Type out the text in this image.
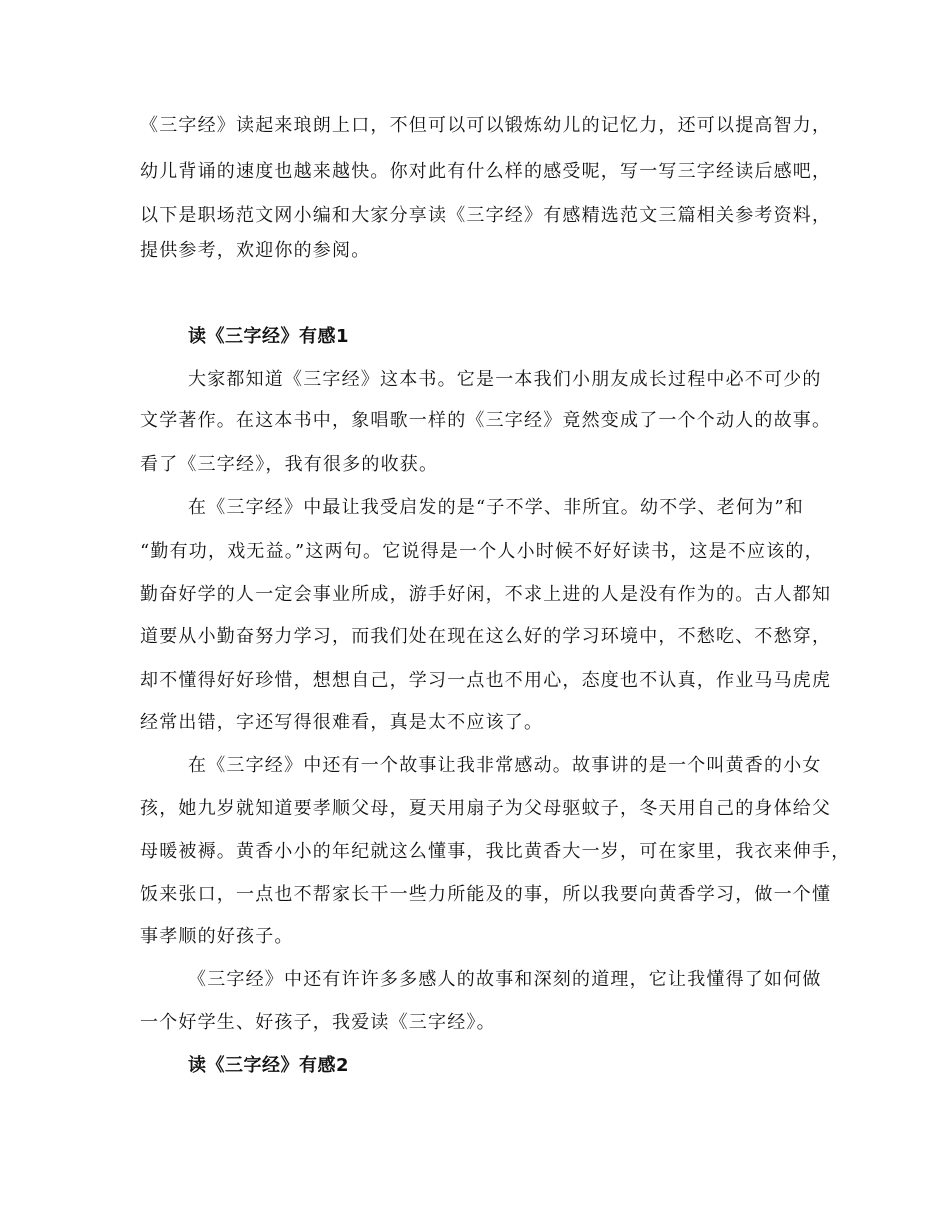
《三字经》读起来琅朗上口，不但可以可以锻炼幼儿的记忆力，还可以提高智力，
幼儿背诵的速度也越来越快。你对此有什么样的感受呢，写一写三字经读后感吧，
以下是职场范文网小编和大家分享读《三字经》有感精选范文三篇相关参考资料，
提供参考，欢迎你的参阅。
读《三字经》有感1
大家都知道《三字经》这本书。它是一本我们小朋友成长过程中必不可少的
文学著作。在这本书中，象唱歌一样的《三字经》竟然变成了一个个动人的故事。
看了《三字经》，我有很多的收获。
在《三字经》中最让我受启发的是“子不学、非所宜。幼不学、老何为”和
“勤有功，戏无益。”这两句。它说得是一个人小时候不好好读书，这是不应该的，
勤奋好学的人一定会事业所成，游手好闲，不求上进的人是没有作为的。古人都知
道要从小勤奋努力学习，而我们处在现在这么好的学习环境中，不愁吃、不愁穿，
却不懂得好好珍惜，想想自己，学习一点也不用心，态度也不认真，作业马马虎虎
经常出错，字还写得很难看，真是太不应该了。
在《三字经》中还有一个故事让我非常感动。故事讲的是一个叫黄香的小女
孩，她九岁就知道要孝顺父母，夏天用扇子为父母驱蚊子，冬天用自己的身体给父
母暖被褥。黄香小小的年纪就这么懂事，我比黄香大一岁，可在家里，我衣来伸手，
饭来张口，一点也不帮家长干一些力所能及的事，所以我要向黄香学习，做一个懂
事孝顺的好孩子。
《三字经》中还有许许多多感人的故事和深刻的道理，它让我懂得了如何做
一个好学生、好孩子，我爱读《三字经》。
读《三字经》有感2
